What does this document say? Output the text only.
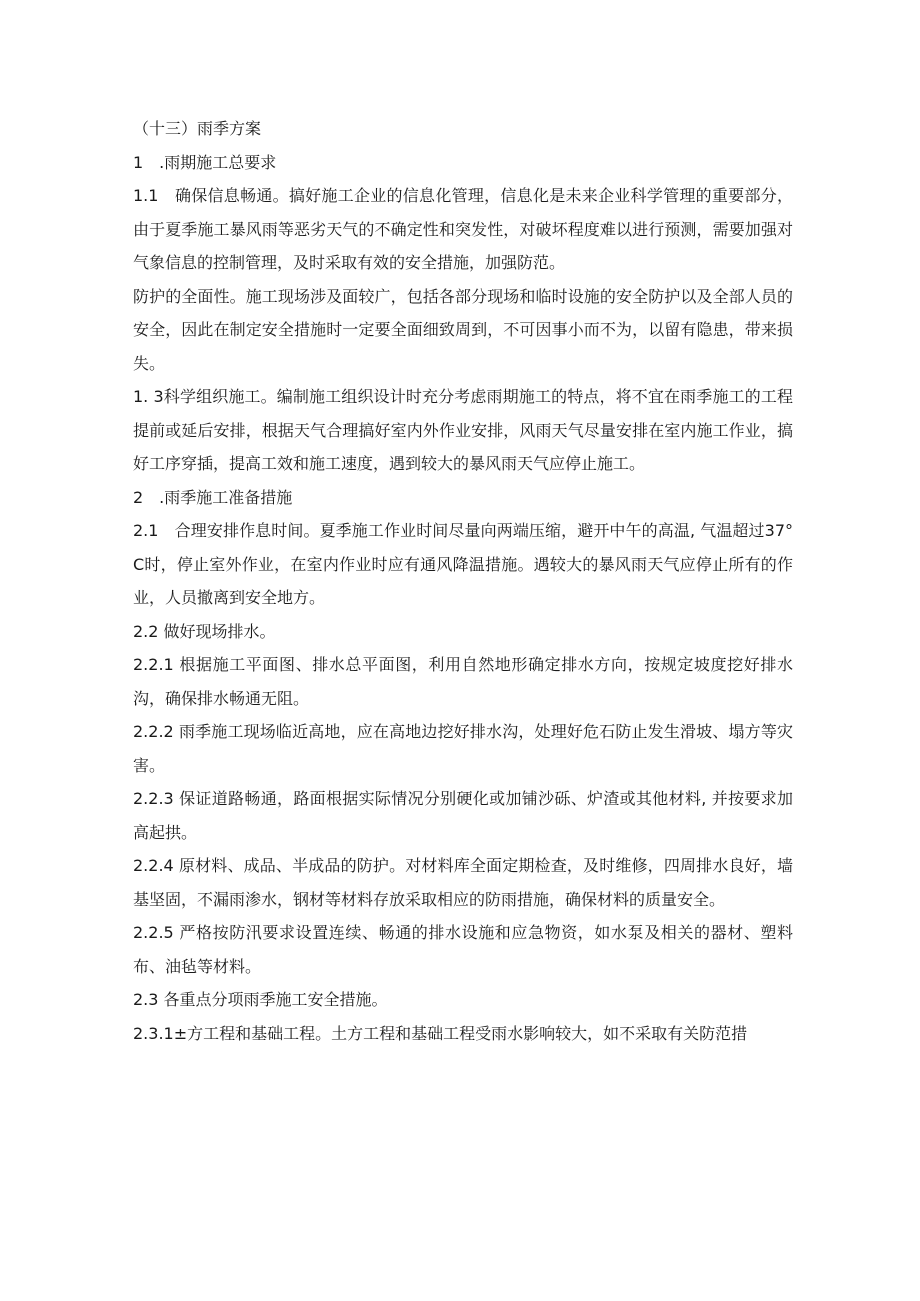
（十三）雨季方案

1　.雨期施工总要求

1.1　确保信息畅通。搞好施工企业的信息化管理，信息化是未来企业科学管理的重要部分，由于夏季施工暴风雨等恶劣天气的不确定性和突发性，对破坏程度难以进行预测，需要加强对气象信息的控制管理，及时采取有效的安全措施，加强防范。

防护的全面性。施工现场涉及面较广，包括各部分现场和临时设施的安全防护以及全部人员的安全，因此在制定安全措施时一定要全面细致周到，不可因事小而不为，以留有隐患，带来损失。

1. 3科学组织施工。编制施工组织设计时充分考虑雨期施工的特点，将不宜在雨季施工的工程提前或延后安排，根据天气合理搞好室内外作业安排，风雨天气尽量安排在室内施工作业，搞好工序穿插，提高工效和施工速度，遇到较大的暴风雨天气应停止施工。

2　.雨季施工准备措施

2.1　合理安排作息时间。夏季施工作业时间尽量向两端压缩，避开中午的高温, 气温超过37°C时，停止室外作业，在室内作业时应有通风降温措施。遇较大的暴风雨天气应停止所有的作业，人员撤离到安全地方。

2.2 做好现场排水。

2.2.1 根据施工平面图、排水总平面图，利用自然地形确定排水方向，按规定坡度挖好排水沟，确保排水畅通无阻。

2.2.2 雨季施工现场临近高地，应在高地边挖好排水沟，处理好危石防止发生滑坡、塌方等灾害。

2.2.3 保证道路畅通，路面根据实际情况分别硬化或加铺沙砾、炉渣或其他材料, 并按要求加高起拱。

2.2.4 原材料、成品、半成品的防护。对材料库全面定期检查，及时维修，四周排水良好，墙基坚固，不漏雨渗水，钢材等材料存放采取相应的防雨措施，确保材料的质量安全。

2.2.5 严格按防汛要求设置连续、畅通的排水设施和应急物资，如水泵及相关的器材、塑料布、油毡等材料。

2.3 各重点分项雨季施工安全措施。

2.3.1±方工程和基础工程。土方工程和基础工程受雨水影响较大，如不采取有关防范措
